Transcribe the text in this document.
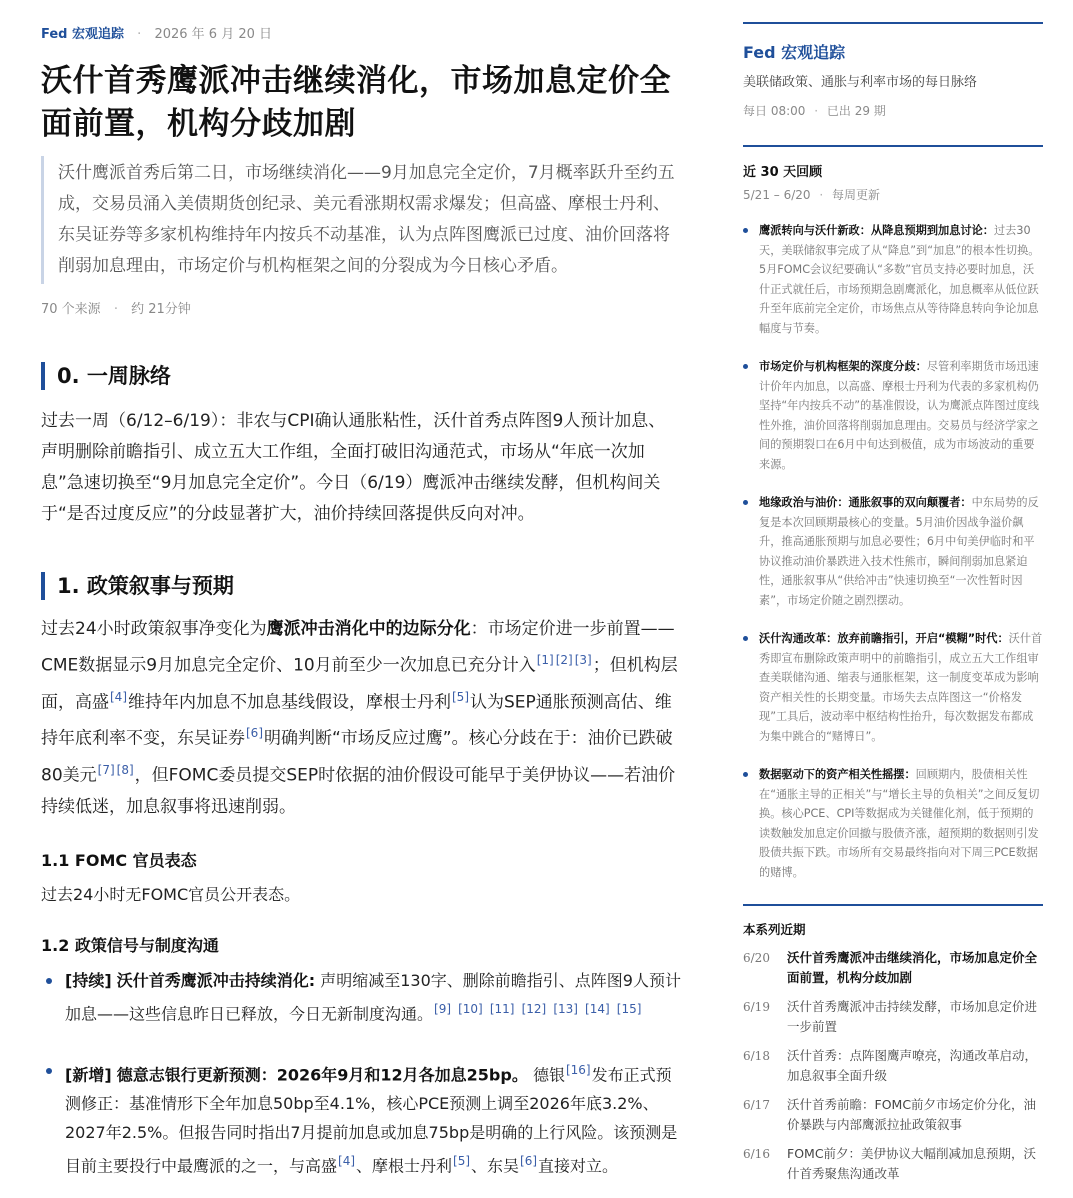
Fed 宏观追踪 · 2026 年 6 月 20 日
沃什首秀鹰派冲击继续消化，市场加息定价全面前置，机构分歧加剧
沃什鹰派首秀后第二日，市场继续消化——9月加息完全定价，7月概率跃升至约五成，交易员涌入美债期货创纪录、美元看涨期权需求爆发；但高盛、摩根士丹利、东吴证券等多家机构维持年内按兵不动基准，认为点阵图鹰派已过度、油价回落将削弱加息理由，市场定价与机构框架之间的分裂成为今日核心矛盾。
70 个来源 · 约 21分钟
0. 一周脉络
过去一周（6/12–6/19）：非农与CPI确认通胀粘性，沃什首秀点阵图9人预计加息、声明删除前瞻指引、成立五大工作组，全面打破旧沟通范式，市场从“年底一次加息”急速切换至“9月加息完全定价”。今日（6/19）鹰派冲击继续发酵，但机构间关于“是否过度反应”的分歧显著扩大，油价持续回落提供反向对冲。
1. 政策叙事与预期
过去24小时政策叙事净变化为鹰派冲击消化中的边际分化：市场定价进一步前置——CME数据显示9月加息完全定价、10月前至少一次加息已充分计入[1] [2] [3]；但机构层面，高盛[4]维持年内加息不加息基线假设，摩根士丹利[5]认为SEP通胀预测高估、维持年底利率不变，东吴证券[6]明确判断“市场反应过鹰”。核心分歧在于：油价已跌破80美元[7] [8]，但FOMC委员提交SEP时依据的油价假设可能早于美伊协议——若油价持续低迷，加息叙事将迅速削弱。
1.1 FOMC 官员表态
过去24小时无FOMC官员公开表态。
1.2 政策信号与制度沟通
[持续] 沃什首秀鹰派冲击持续消化: 声明缩减至130字、删除前瞻指引、点阵图9人预计加息——这些信息昨日已释放，今日无新制度沟通。[9] [10] [11] [12] [13] [14] [15]
[新增] 德意志银行更新预测：2026年9月和12月各加息25bp。 德银[16]发布正式预测修正：基准情形下全年加息50bp至4.1%，核心PCE预测上调至2026年底3.2%、2027年2.5%。但报告同时指出7月提前加息或加息75bp是明确的上行风险。该预测是目前主要投行中最鹰派的之一，与高盛[4]、摩根士丹利[5]、东吴[6]直接对立。
Fed 宏观追踪
美联储政策、通胀与利率市场的每日脉络
每日 08:00 · 已出 29 期
近 30 天回顾
5/21 – 6/20 · 每周更新
鹰派转向与沃什新政：从降息预期到加息讨论：过去30天，美联储叙事完成了从“降息”到“加息”的根本性切换。5月FOMC会议纪要确认“多数”官员支持必要时加息，沃什正式就任后，市场预期急剧鹰派化，加息概率从低位跃升至年底前完全定价，市场焦点从等待降息转向争论加息幅度与节奏。
市场定价与机构框架的深度分歧：尽管利率期货市场迅速计价年内加息，以高盛、摩根士丹利为代表的多家机构仍坚持“年内按兵不动”的基准假设，认为鹰派点阵图过度线性外推，油价回落将削弱加息理由。交易员与经济学家之间的预期裂口在6月中旬达到极值，成为市场波动的重要来源。
地缘政治与油价：通胀叙事的双向颠覆者：中东局势的反复是本次回顾期最核心的变量。5月油价因战争溢价飙升，推高通胀预期与加息必要性；6月中旬美伊临时和平协议推动油价暴跌进入技术性熊市，瞬间削弱加息紧迫性，通胀叙事从“供给冲击”快速切换至“一次性暂时因素”，市场定价随之剧烈摆动。
沃什沟通改革：放弃前瞻指引，开启“模糊”时代：沃什首秀即宣布删除政策声明中的前瞻指引，成立五大工作组审查美联储沟通、缩表与通胀框架，这一制度变革成为影响资产相关性的长期变量。市场失去点阵图这一“价格发现”工具后，波动率中枢结构性抬升，每次数据发布都成为集中跳合的“赌博日”。
数据驱动下的资产相关性摇摆：回顾期内，股债相关性在“通胀主导的正相关”与“增长主导的负相关”之间反复切换。核心PCE、CPI等数据成为关键催化剂，低于预期的读数触发加息定价回撤与股债齐涨，超预期的数据则引发股债共振下跌。市场所有交易最终指向对下周三PCE数据的赌博。
本系列近期
6/20	沃什首秀鹰派冲击继续消化，市场加息定价全面前置，机构分歧加剧
6/19	沃什首秀鹰派冲击持续发酵，市场加息定价进一步前置
6/18	沃什首秀：点阵图鹰声嘹亮，沟通改革启动，加息叙事全面升级
6/17	沃什首秀前瞻：FOMC前夕市场定价分化，油价暴跌与内部鹰派拉扯政策叙事
6/16	FOMC前夕：美伊协议大幅削减加息预期，沃什首秀聚焦沟通改革
